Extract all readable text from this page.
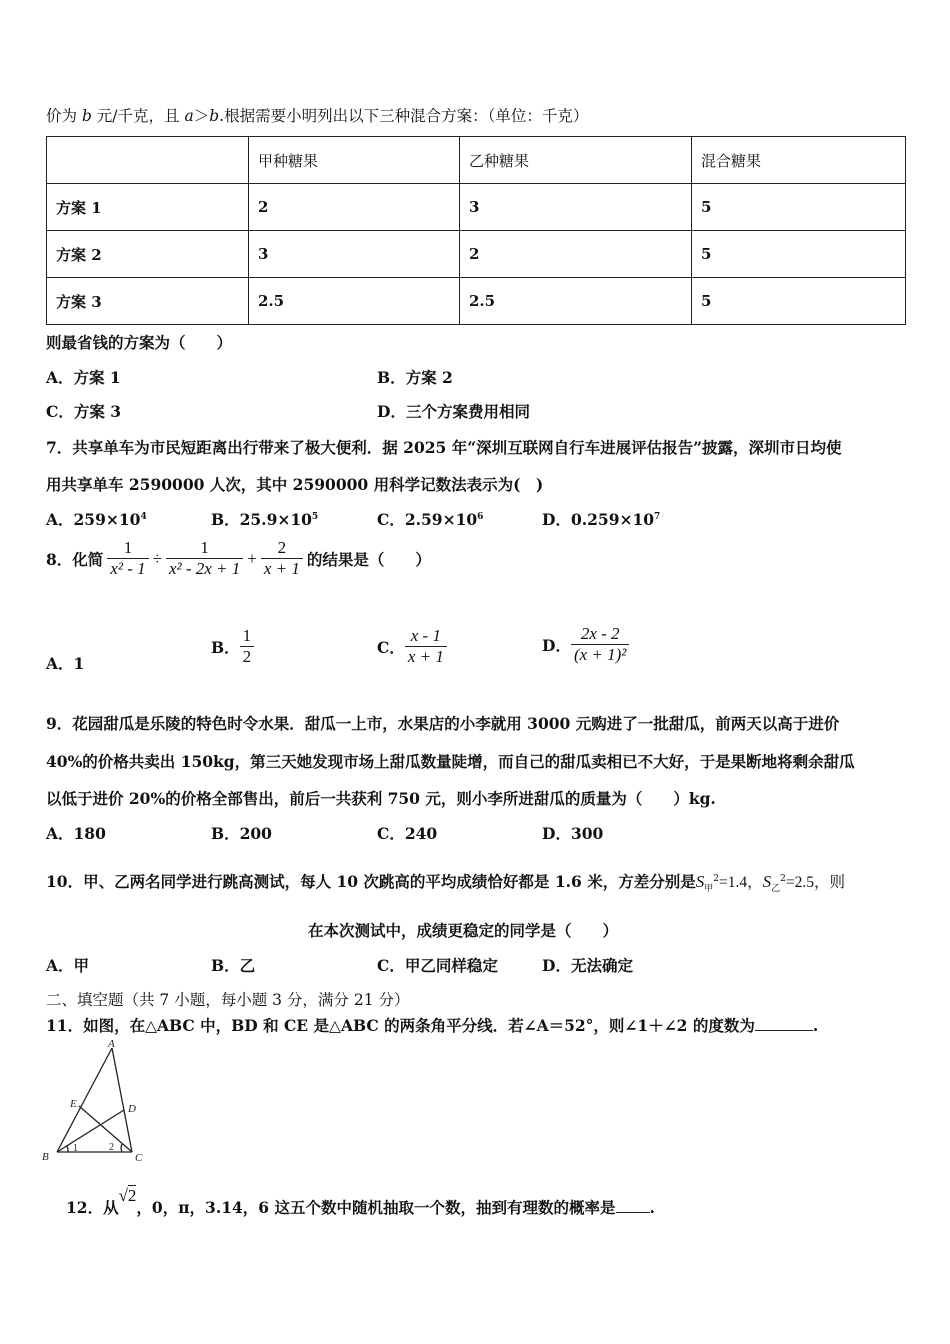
价为 b 元/千克，且 a＞b.根据需要小明列出以下三种混合方案：（单位：千克）
	甲种糖果	乙种糖果	混合糖果
方案 1	2	3	5
方案 2	3	2	5
方案 3	2.5	2.5	5
则最省钱的方案为（　　）
A．方案 1	B．方案 2
C．方案 3	D．三个方案费用相同
7．共享单车为市民短距离出行带来了极大便利．据 2025 年“深圳互联网自行车进展评估报告”披露，深圳市日均使
用共享单车 2590000 人次，其中 2590000 用科学记数法表示为(　)
A．$259\times 10^4$	B．$25.9\times 10^5$	C．$2.59\times 10^6$	D．$0.259\times 10^7$
8．化简 $\frac{1}{\text{x² - 1}} \div \frac{1}{\text{x² - 2x + 1}} + \frac{2}{x + 1}$ 的结果是（　　）
A．1
B． $\frac{1}{2}$	C． $\frac{x - 1}{x + 1}$	D． $\frac{2x - 2}{\text{(x + 1)²}}$
9．花园甜瓜是乐陵的特色时令水果．甜瓜一上市，水果店的小李就用 3000 元购进了一批甜瓜，前两天以高于进价
40%的价格共卖出 150kg，第三天她发现市场上甜瓜数量陡增，而自己的甜瓜卖相已不大好，于是果断地将剩余甜瓜
以低于进价 20%的价格全部售出，前后一共获利 750 元，则小李所进甜瓜的质量为（　　）kg.
A．180	B．200	C．240	D．300
10．甲、乙两名同学进行跳高测试，每人 10 次跳高的平均成绩恰好都是 1.6 米，方差分别是$S_甲^2=1.4$，$S_乙^2=2.5$，则
在本次测试中，成绩更稳定的同学是（　　）
A．甲	B．乙	C．甲乙同样稳定	D．无法确定
二、填空题（共 7 小题，每小题 3 分，满分 21 分）
11．如图，在△ABC 中，BD 和 CE 是△ABC 的两条角平分线．若∠A＝52°，则∠1＋∠2 的度数为	.
A
B	C
D
E
1	2
12．从√2，0，π，3.14，6 这五个数中随机抽取一个数，抽到有理数的概率是 .
